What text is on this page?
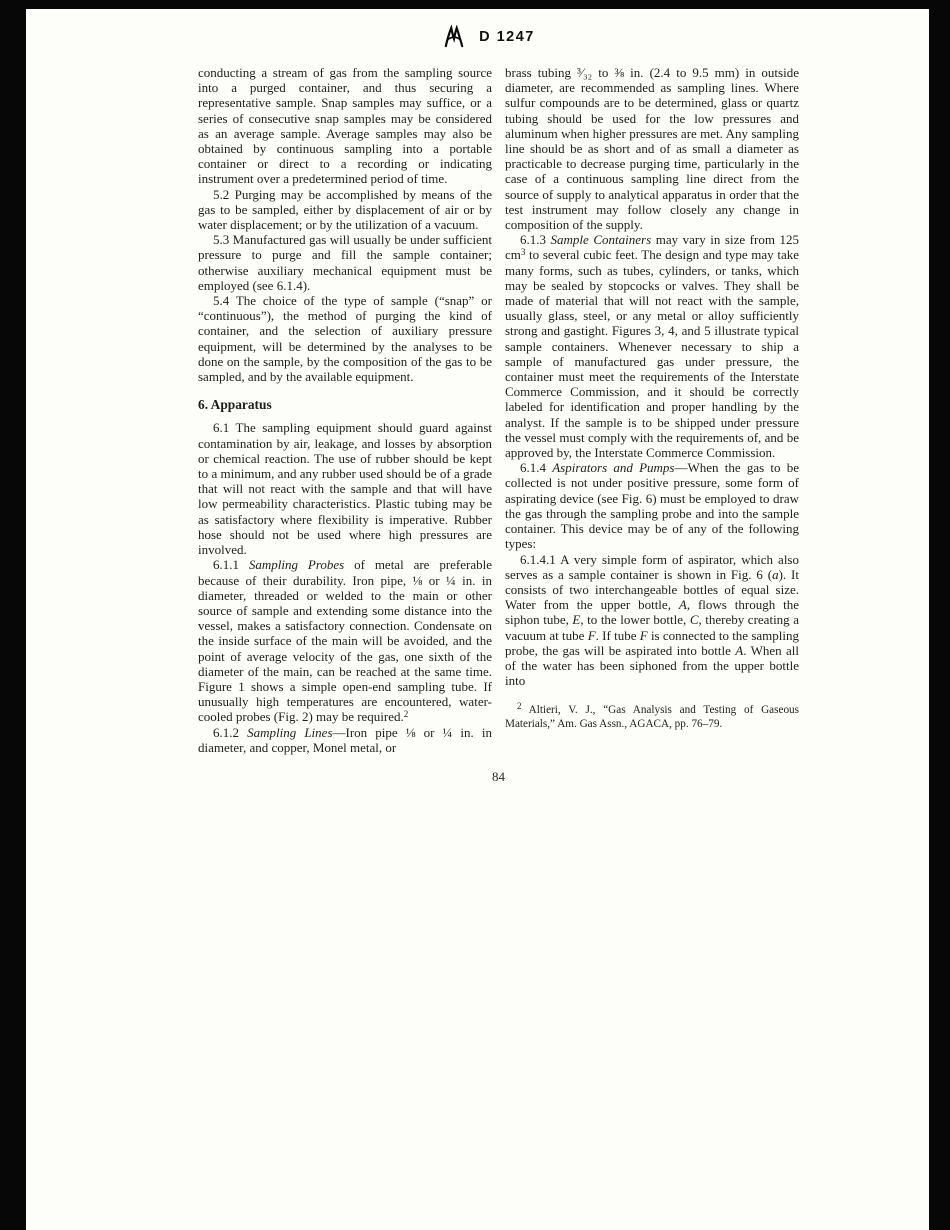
D 1247

conducting a stream of gas from the sampling source into a purged container, and thus securing a representative sample. Snap samples may suffice, or a series of consecutive snap samples may be considered as an average sample. Average samples may also be obtained by continuous sampling into a portable container or direct to a recording or indicating instrument over a predetermined period of time.

5.2 Purging may be accomplished by means of the gas to be sampled, either by displacement of air or by water displacement; or by the utilization of a vacuum.

5.3 Manufactured gas will usually be under sufficient pressure to purge and fill the sample container; otherwise auxiliary mechanical equipment must be employed (see 6.1.4).

5.4 The choice of the type of sample (“snap” or “continuous”), the method of purging the kind of container, and the selection of auxiliary pressure equipment, will be determined by the analyses to be done on the sample, by the composition of the gas to be sampled, and by the available equipment.

6. Apparatus

6.1 The sampling equipment should guard against contamination by air, leakage, and losses by absorption or chemical reaction. The use of rubber should be kept to a minimum, and any rubber used should be of a grade that will not react with the sample and that will have low permeability characteristics. Plastic tubing may be as satisfactory where flexibility is imperative. Rubber hose should not be used where high pressures are involved.

6.1.1 Sampling Probes of metal are preferable because of their durability. Iron pipe, ⅛ or ¼ in. in diameter, threaded or welded to the main or other source of sample and extending some distance into the vessel, makes a satisfactory connection. Condensate on the inside surface of the main will be avoided, and the point of average velocity of the gas, one sixth of the diameter of the main, can be reached at the same time. Figure 1 shows a simple open-end sampling tube. If unusually high temperatures are encountered, water-cooled probes (Fig. 2) may be required.$^2$

6.1.2 Sampling Lines—Iron pipe ⅛ or ¼ in. in diameter, and copper, Monel metal, or

brass tubing ³⁄₃₂ to ⅜ in. (2.4 to 9.5 mm) in outside diameter, are recommended as sampling lines. Where sulfur compounds are to be determined, glass or quartz tubing should be used for the low pressures and aluminum when higher pressures are met. Any sampling line should be as short and of as small a diameter as practicable to decrease purging time, particularly in the case of a continuous sampling line direct from the source of supply to analytical apparatus in order that the test instrument may follow closely any change in composition of the supply.

6.1.3 Sample Containers may vary in size from 125 $cm^3$ to several cubic feet. The design and type may take many forms, such as tubes, cylinders, or tanks, which may be sealed by stopcocks or valves. They shall be made of material that will not react with the sample, usually glass, steel, or any metal or alloy sufficiently strong and gastight. Figures 3, 4, and 5 illustrate typical sample containers. Whenever necessary to ship a sample of manufactured gas under pressure, the container must meet the requirements of the Interstate Commerce Commission, and it should be correctly labeled for identification and proper handling by the analyst. If the sample is to be shipped under pressure the vessel must comply with the requirements of, and be approved by, the Interstate Commerce Commission.

6.1.4 Aspirators and Pumps—When the gas to be collected is not under positive pressure, some form of aspirating device (see Fig. 6) must be employed to draw the gas through the sampling probe and into the sample container. This device may be of any of the following types:

6.1.4.1 A very simple form of aspirator, which also serves as a sample container is shown in Fig. 6 (a). It consists of two interchangeable bottles of equal size. Water from the upper bottle, A, flows through the siphon tube, E, to the lower bottle, C, thereby creating a vacuum at tube F. If tube F is connected to the sampling probe, the gas will be aspirated into bottle A. When all of the water has been siphoned from the upper bottle into

$^2$ Altieri, V. J., “Gas Analysis and Testing of Gaseous Materials,” Am. Gas Assn., AGACA, pp. 76–79.

84
